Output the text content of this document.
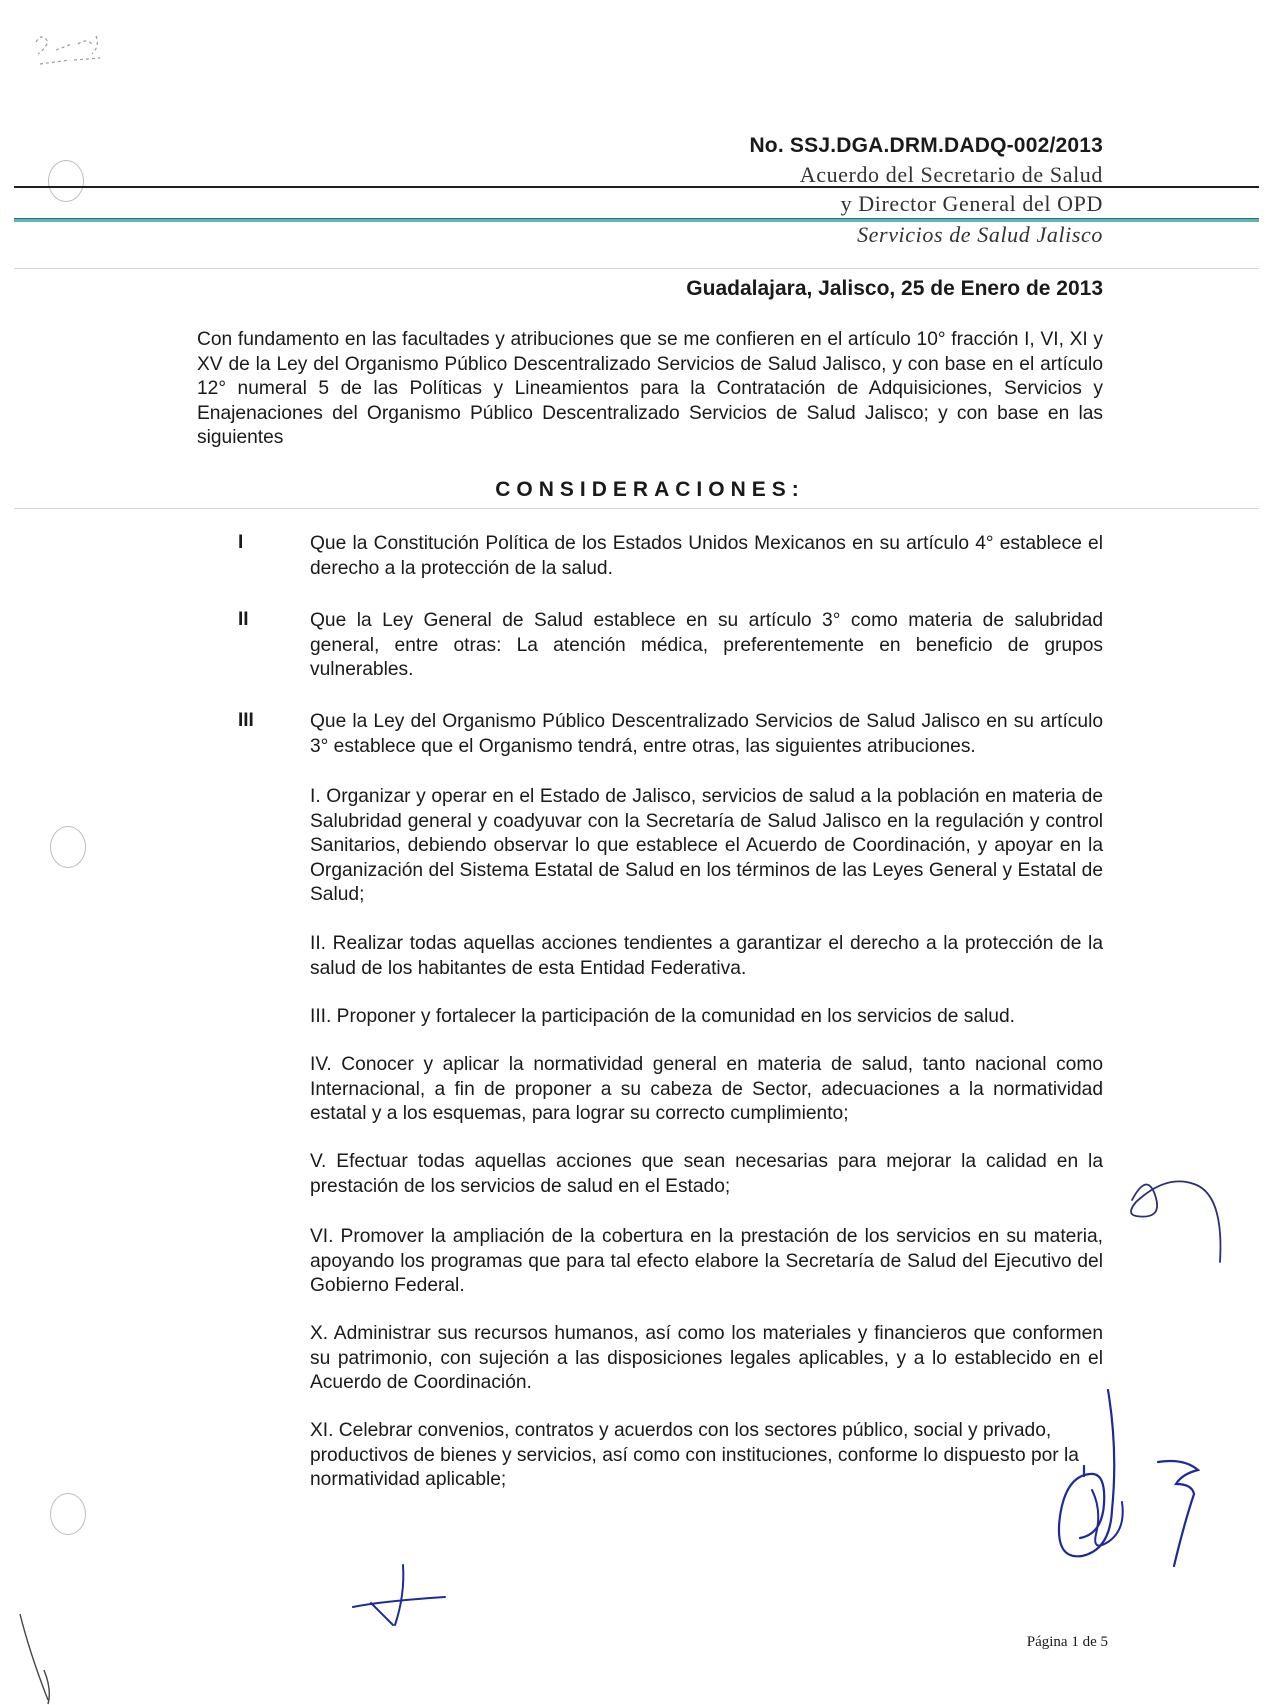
No. SSJ.DGA.DRM.DADQ-002/2013
Acuerdo del Secretario de Salud
y Director General del OPD
Servicios de Salud Jalisco
Guadalajara, Jalisco, 25 de Enero de 2013

Con fundamento en las facultades y atribuciones que se me confieren en el artículo 10° fracción I, VI, XI y XV de la Ley del Organismo Público Descentralizado Servicios de Salud Jalisco, y con base en el artículo 12° numeral 5 de las Políticas y Lineamientos para la Contratación de Adquisiciones, Servicios y Enajenaciones del Organismo Público Descentralizado Servicios de Salud Jalisco; y con base en las siguientes

CONSIDERACIONES:
I	Que la Constitución Política de los Estados Unidos Mexicanos en su artículo 4° establece el derecho a la protección de la salud.

II	Que la Ley General de Salud establece en su artículo 3° como materia de salubridad general, entre otras: La atención médica, preferentemente en beneficio de grupos vulnerables.

III	Que la Ley del Organismo Público Descentralizado Servicios de Salud Jalisco en su artículo 3° establece que el Organismo tendrá, entre otras, las siguientes atribuciones.

I. Organizar y operar en el Estado de Jalisco, servicios de salud a la población en materia de Salubridad general y coadyuvar con la Secretaría de Salud Jalisco en la regulación y control Sanitarios, debiendo observar lo que establece el Acuerdo de Coordinación, y apoyar en la Organización del Sistema Estatal de Salud en los términos de las Leyes General y Estatal de Salud;

II. Realizar todas aquellas acciones tendientes a garantizar el derecho a la protección de la salud de los habitantes de esta Entidad Federativa.

III. Proponer y fortalecer la participación de la comunidad en los servicios de salud.

IV. Conocer y aplicar la normatividad general en materia de salud, tanto nacional como Internacional, a fin de proponer a su cabeza de Sector, adecuaciones a la normatividad estatal y a los esquemas, para lograr su correcto cumplimiento;

V. Efectuar todas aquellas acciones que sean necesarias para mejorar la calidad en la prestación de los servicios de salud en el Estado;

VI. Promover la ampliación de la cobertura en la prestación de los servicios en su materia, apoyando los programas que para tal efecto elabore la Secretaría de Salud del Ejecutivo del Gobierno Federal.

X. Administrar sus recursos humanos, así como los materiales y financieros que conformen su patrimonio, con sujeción a las disposiciones legales aplicables, y a lo establecido en el Acuerdo de Coordinación.

XI. Celebrar convenios, contratos y acuerdos con los sectores público, social y privado, productivos de bienes y servicios, así como con instituciones, conforme lo dispuesto por la normatividad aplicable;

Página 1 de 5
